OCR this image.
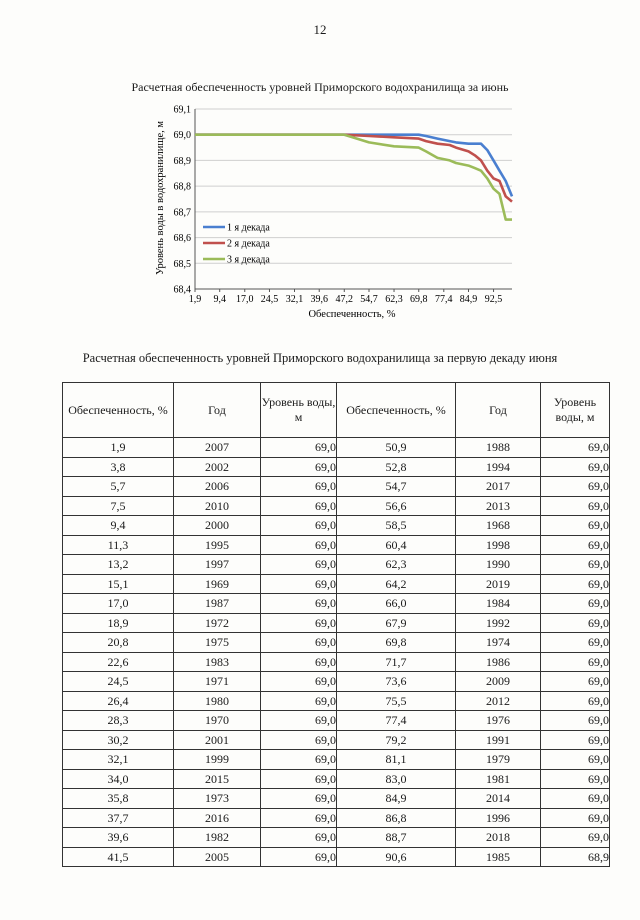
12
Расчетная обеспеченность уровней Приморского водохранилища за июнь
69,1
69,0
68,9
68,8
68,7
68,6
68,5
68,4
1,9 9,4 17,0 24,5 32,1 39,6 47,2 54,7 62,3 69,8 77,4 84,9 92,5
1 я декада
2 я декада
3 я декада
Уровень воды в водохранилище, м
Обеспеченность, %
Расчетная обеспеченность уровней Приморского водохранилища за первую декаду июня
Обеспеченность, %	Год	Уровень воды, м	Обеспеченность, %	Год	Уровень воды, м
1,9	2007	69,0	50,9	1988	69,0
3,8	2002	69,0	52,8	1994	69,0
5,7	2006	69,0	54,7	2017	69,0
7,5	2010	69,0	56,6	2013	69,0
9,4	2000	69,0	58,5	1968	69,0
11,3	1995	69,0	60,4	1998	69,0
13,2	1997	69,0	62,3	1990	69,0
15,1	1969	69,0	64,2	2019	69,0
17,0	1987	69,0	66,0	1984	69,0
18,9	1972	69,0	67,9	1992	69,0
20,8	1975	69,0	69,8	1974	69,0
22,6	1983	69,0	71,7	1986	69,0
24,5	1971	69,0	73,6	2009	69,0
26,4	1980	69,0	75,5	2012	69,0
28,3	1970	69,0	77,4	1976	69,0
30,2	2001	69,0	79,2	1991	69,0
32,1	1999	69,0	81,1	1979	69,0
34,0	2015	69,0	83,0	1981	69,0
35,8	1973	69,0	84,9	2014	69,0
37,7	2016	69,0	86,8	1996	69,0
39,6	1982	69,0	88,7	2018	69,0
41,5	2005	69,0	90,6	1985	68,9
